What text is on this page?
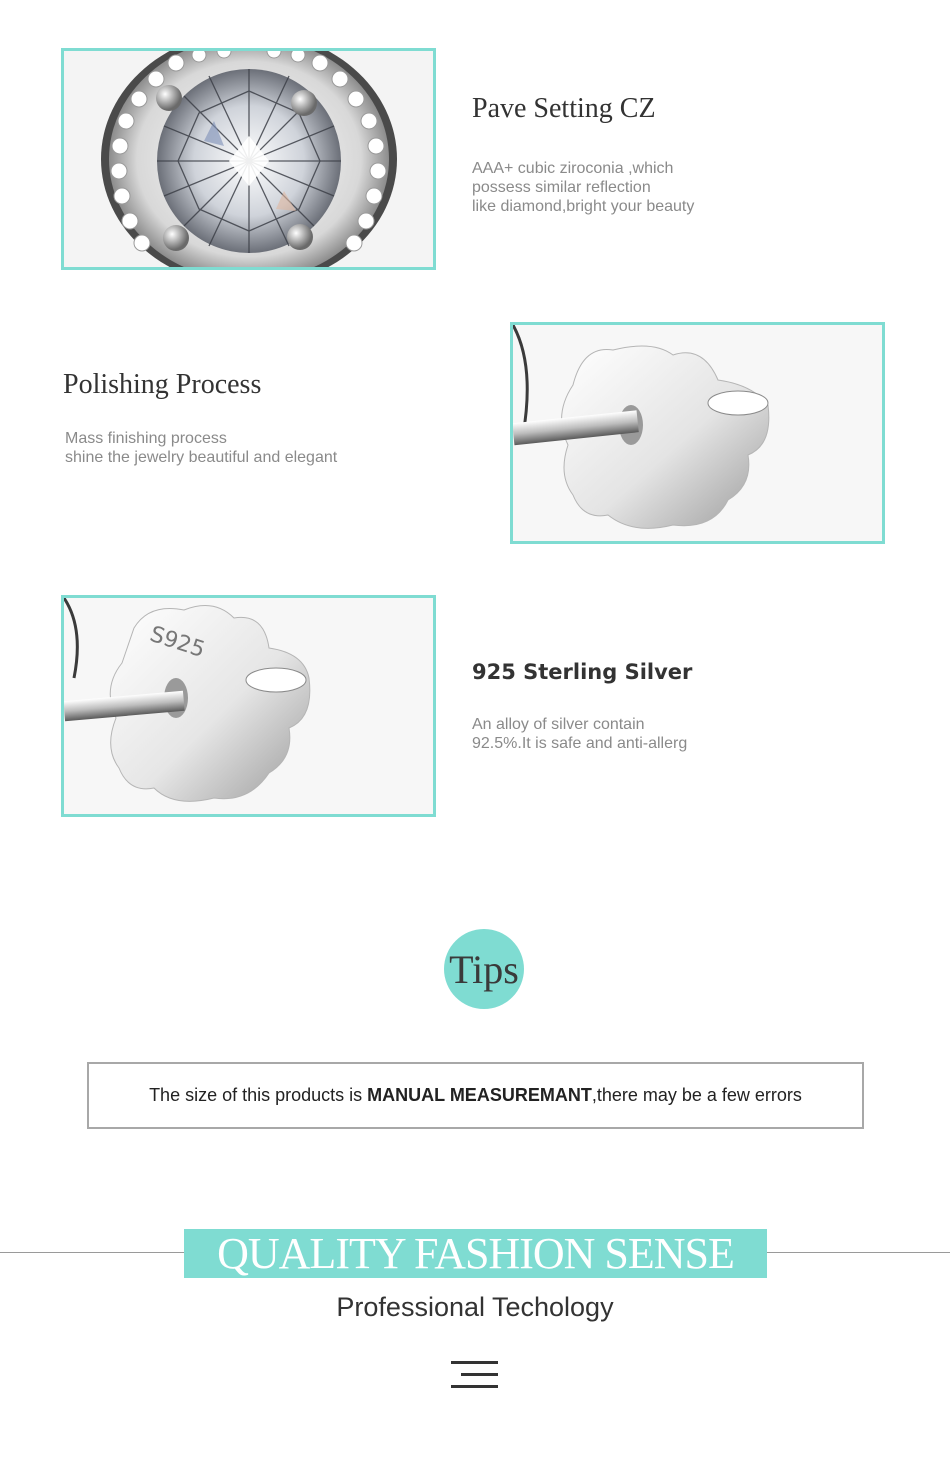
Pave Setting CZ
AAA+ cubic ziroconia ,which
possess similar reflection
like diamond,bright your beauty
Polishing Process
Mass finishing process
shine the jewelry beautiful and elegant
S925
925 Sterling Silver
An alloy of silver contain
92.5%.It is safe and anti-allerg
Tips
The size of this products is MANUAL MEASUREMANT ,there may be a few errors
QUALITY FASHION SENSE
Professional Techology
